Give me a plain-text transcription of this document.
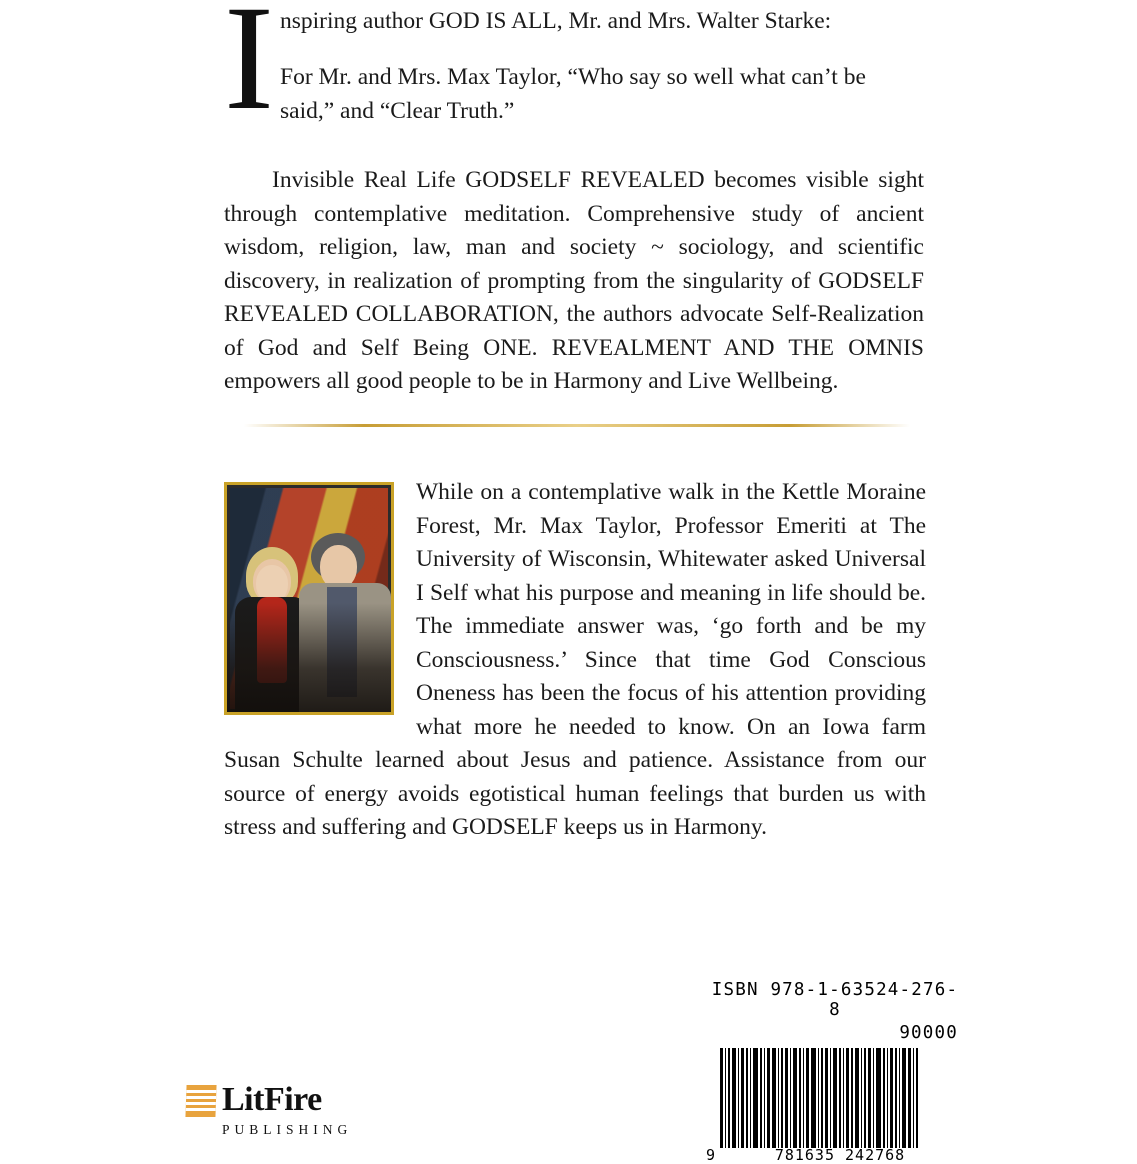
I nspiring author GOD IS ALL, Mr. and Mrs. Walter Starke:
For Mr. and Mrs. Max Taylor, “Who say so well what can’t be said,” and “Clear Truth.”
Invisible Real Life GODSELF REVEALED becomes visible sight through contemplative meditation. Comprehensive study of ancient wisdom, religion, law, man and society ~ sociology, and scientific discovery, in realization of prompting from the singularity of GODSELF REVEALED COLLABORATION, the authors advocate Self-Realization of God and Self Being ONE. REVEALMENT AND THE OMNIS empowers all good people to be in Harmony and Live Wellbeing.
While on a contemplative walk in the Kettle Moraine Forest, Mr. Max Taylor, Professor Emeriti at The University of Wisconsin, Whitewater asked Universal I Self what his purpose and meaning in life should be. The immediate answer was, ‘go forth and be my Consciousness.’ Since that time God Conscious Oneness has been the focus of his attention providing what more he needed to know. On an Iowa farm Susan Schulte learned about Jesus and patience. Assistance from our source of energy avoids egotistical human feelings that burden us with stress and suffering and GODSELF keeps us in Harmony.
ISBN 978-1-63524-276-8
90000
9	781635 242768
LitFire
PUBLISHING
